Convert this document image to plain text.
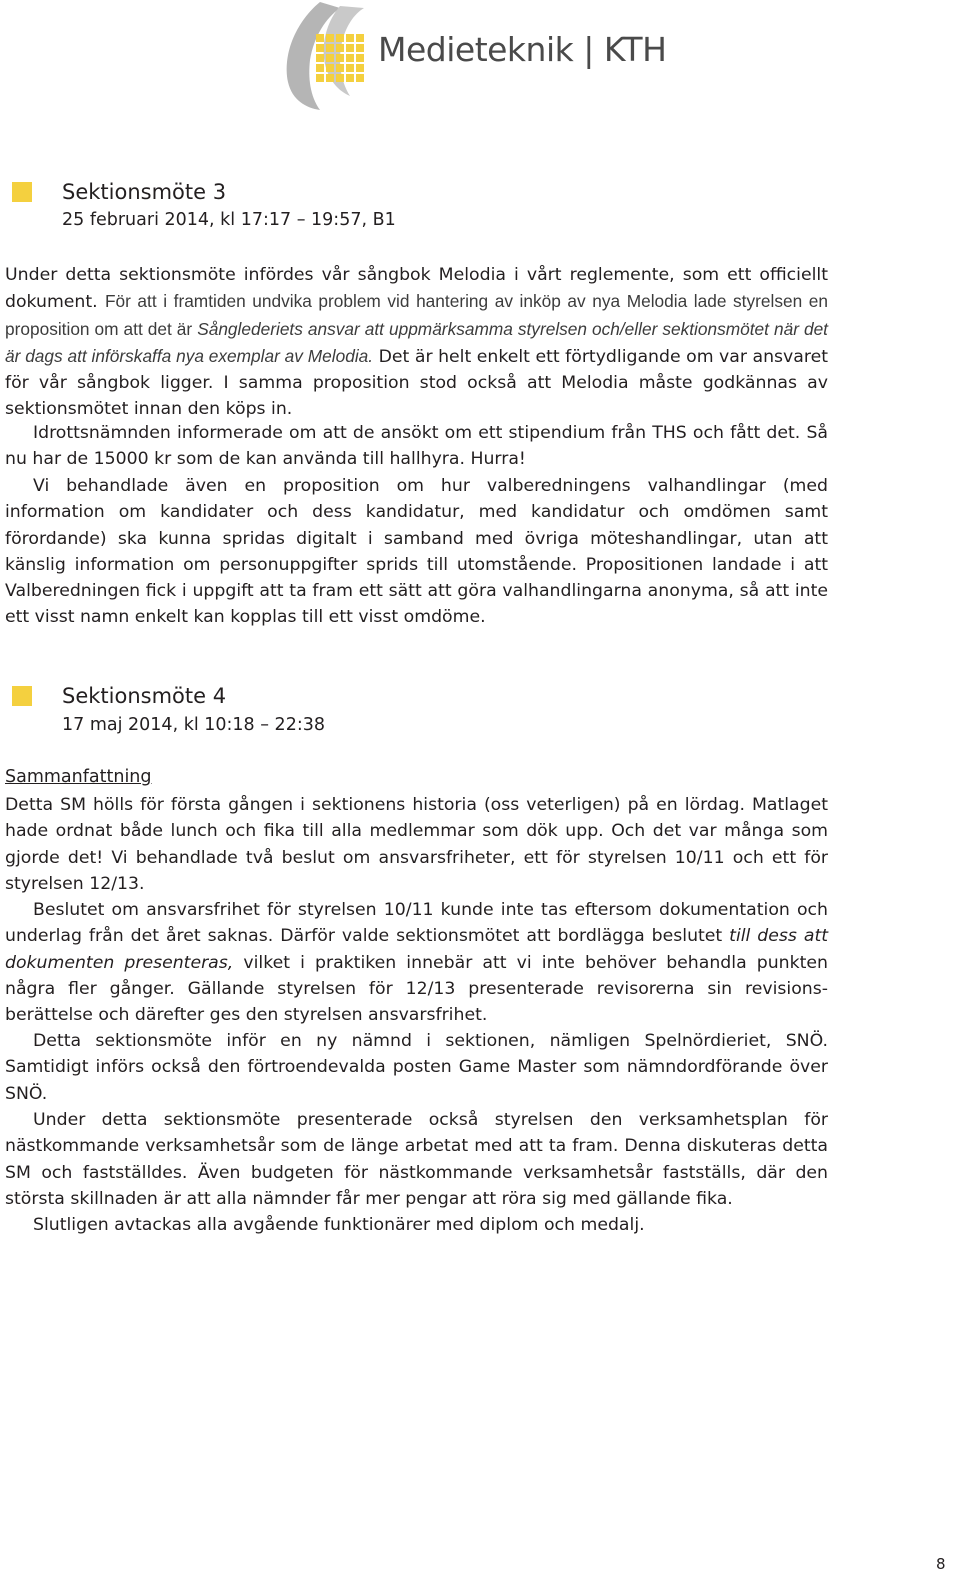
Medieteknik | KTH
Sektionsmöte 3
25 februari 2014, kl 17:17 – 19:57, B1

Under detta sektionsmöte infördes vår sångbok Melodia i vårt reglemente, som ett officiellt dokument. För att i framtiden undvika problem vid hantering av inköp av nya Melodia lade styrelsen en proposition om att det är Sånglederiets ansvar att uppmärksamma styrelsen och/eller sektionsmötet när det är dags att införskaffa nya exemplar av Melodia. Det är helt enkelt ett förtydligande om var ansvaret för vår sångbok ligger. I samma proposition stod också att Melodia måste godkännas av sektionsmötet innan den köps in.

Idrottsnämnden informerade om att de ansökt om ett stipendium från THS och fått det. Så nu har de 15000 kr som de kan använda till hallhyra. Hurra!

Vi behandlade även en proposition om hur valberedningens valhandlingar (med information om kandidater och dess kandidatur, med kandidatur och omdömen samt förordande) ska kunna spridas digitalt i samband med övriga möteshandlingar, utan att känslig information om personuppgifter sprids till utomstående. Propositionen landade i att Valberedningen fick i uppgift att ta fram ett sätt att göra valhandlingarna anonyma, så att inte ett visst namn enkelt kan kopplas till ett visst omdöme.

Sektionsmöte 4
17 maj 2014, kl 10:18 – 22:38
Sammanfattning

Detta SM hölls för första gången i sektionens historia (oss veterligen) på en lördag. Matlaget hade ordnat både lunch och fika till alla medlemmar som dök upp. Och det var många som gjorde det! Vi behandlade två beslut om ansvarsfriheter, ett för styrelsen 10/11 och ett för styrelsen 12/13.

Beslutet om ansvarsfrihet för styrelsen 10/11 kunde inte tas eftersom dokumentation och underlag från det året saknas. Därför valde sektionsmötet att bordlägga beslutet till dess att dokumenten presenteras, vilket i praktiken innebär att vi inte behöver behandla punkten några fler gånger. Gällande styrelsen för 12/13 presenterade revisorerna sin revisions-berättelse och därefter ges den styrelsen ansvarsfrihet.

Detta sektionsmöte inför en ny nämnd i sektionen, nämligen Spelnördieriet, SNÖ. Samtidigt införs också den förtroendevalda posten Game Master som nämndordförande över SNÖ.

Under detta sektionsmöte presenterade också styrelsen den verksamhetsplan för nästkommande verksamhetsår som de länge arbetat med att ta fram. Denna diskuteras detta SM och fastställdes. Även budgeten för nästkommande verksamhetsår fastställs, där den största skillnaden är att alla nämnder får mer pengar att röra sig med gällande fika.

Slutligen avtackas alla avgående funktionärer med diplom och medalj.

8
